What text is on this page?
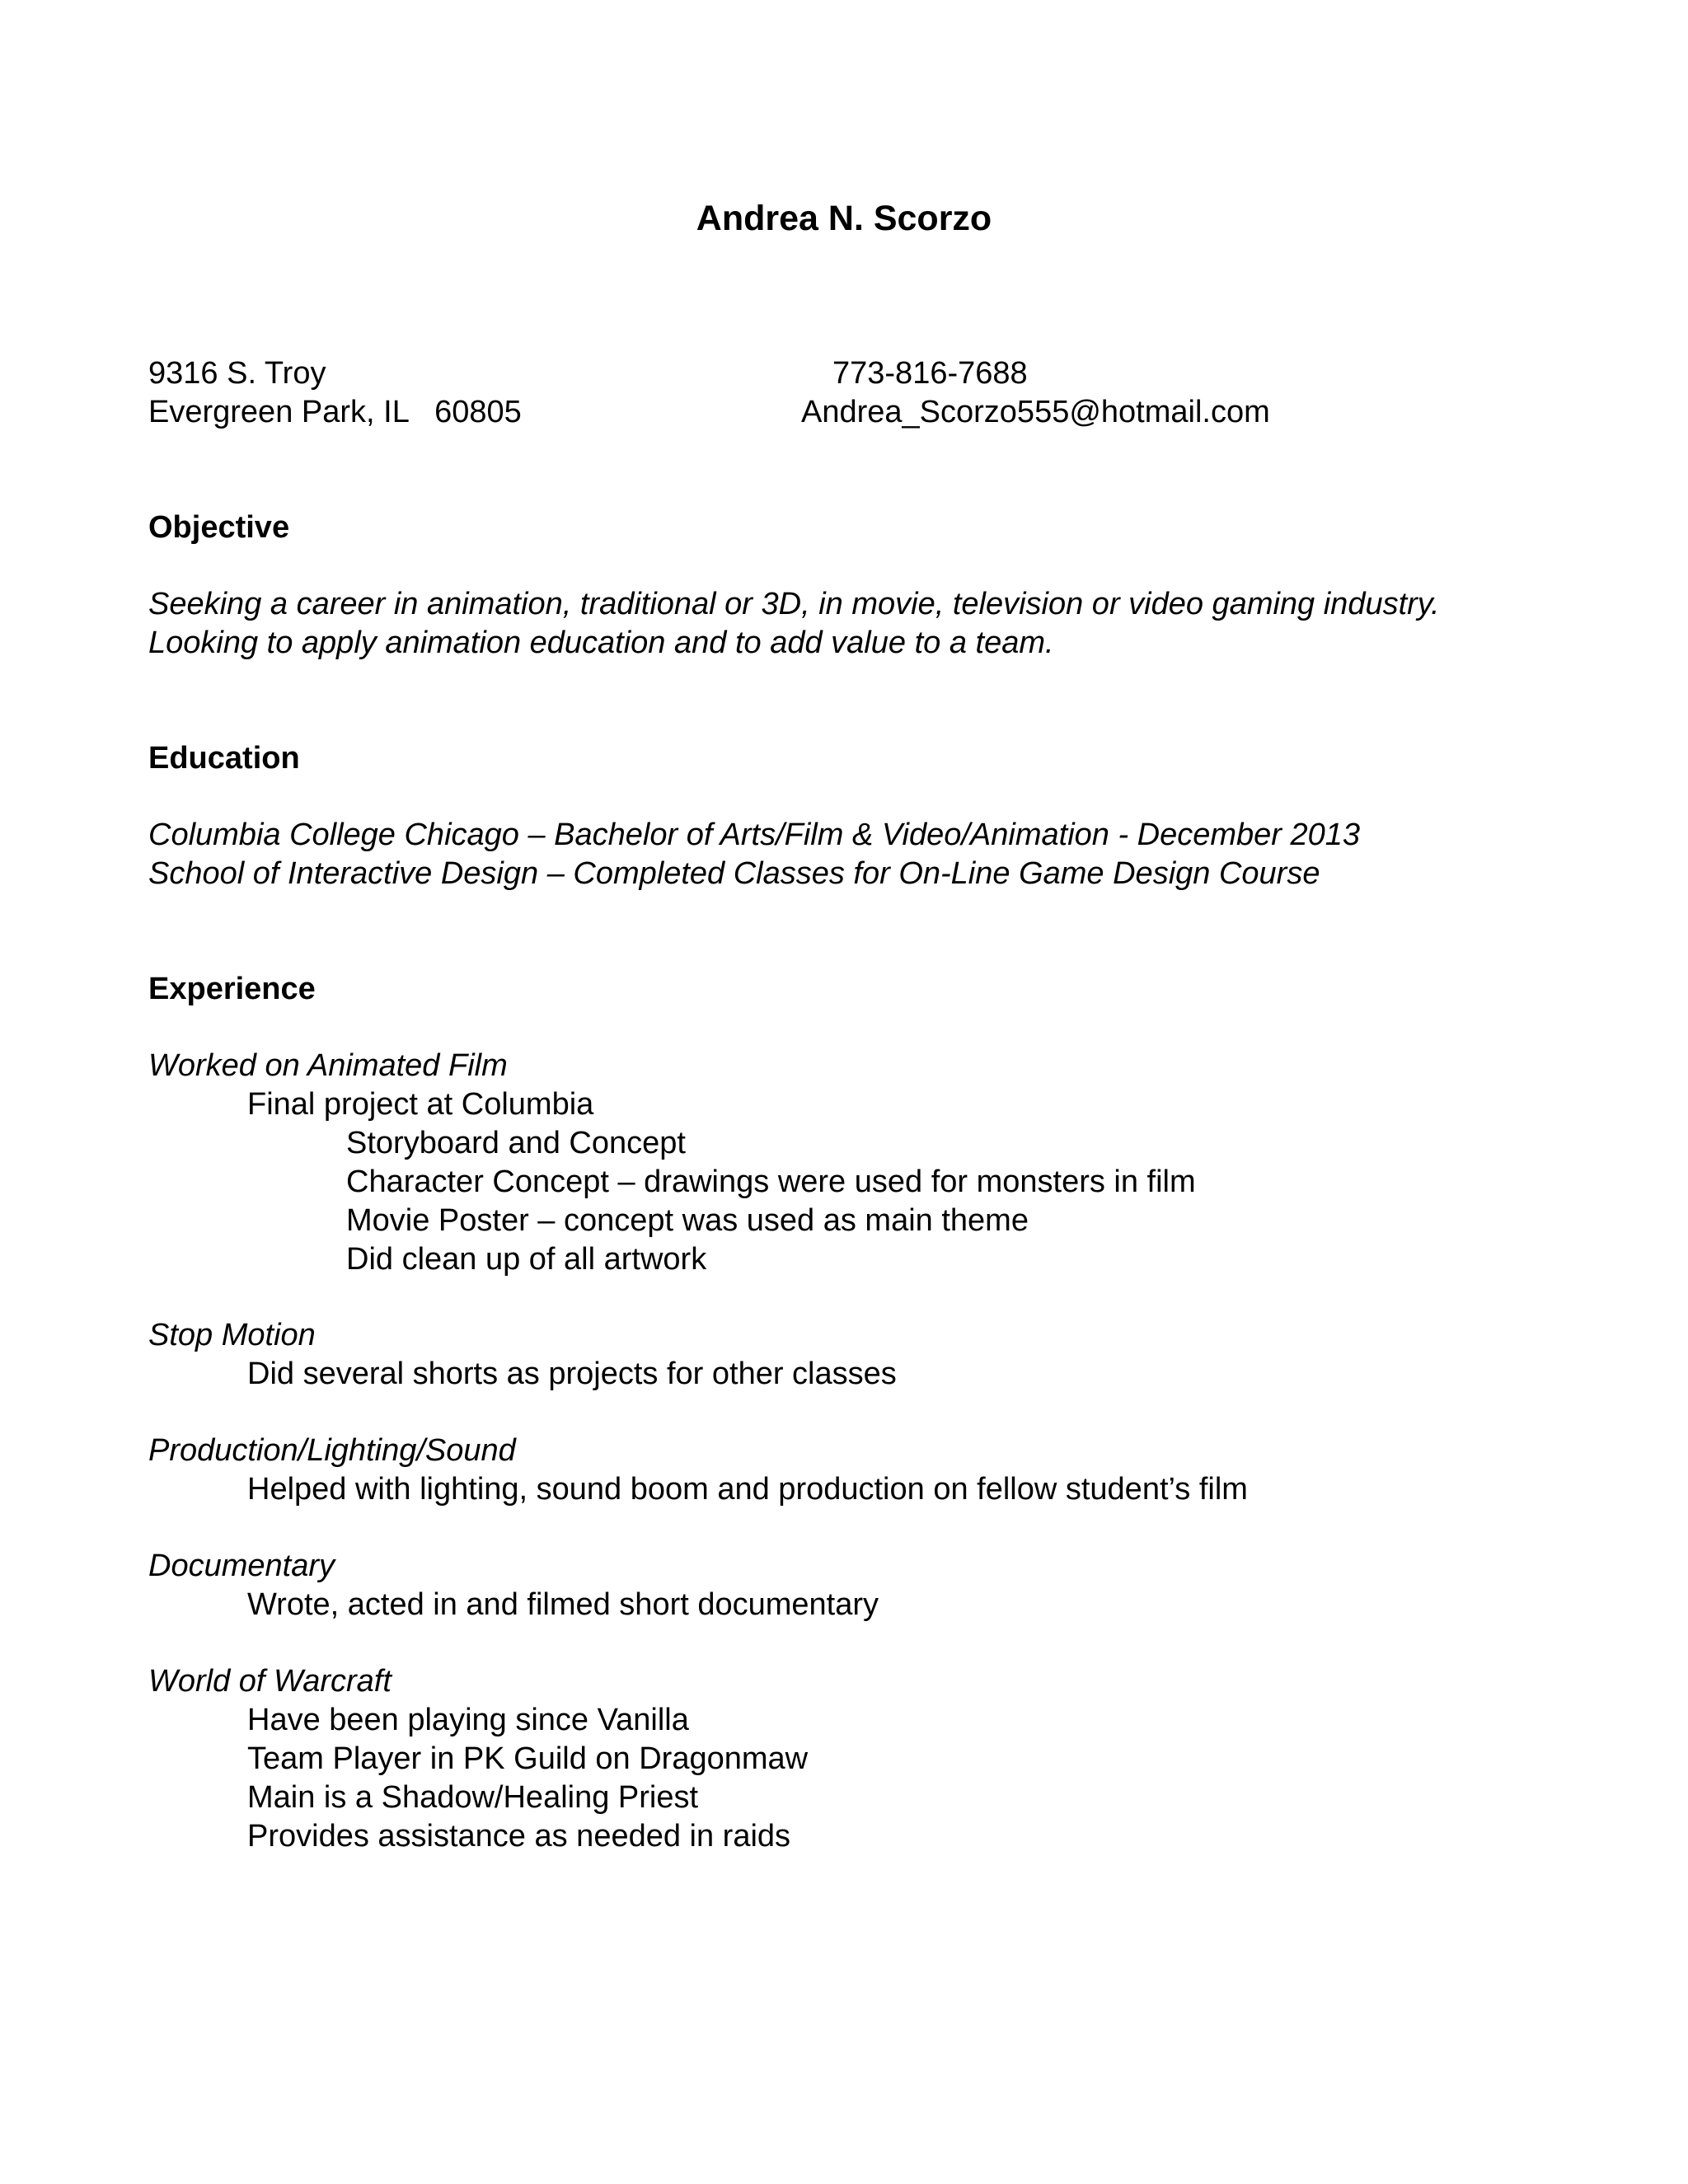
Andrea N. Scorzo
9316 S. Troy
Evergreen Park, IL   60805
773-816-7688
Andrea_Scorzo555@hotmail.com
Objective
Seeking a career in animation, traditional or 3D, in movie, television or video gaming industry.
Looking to apply animation education and to add value to a team.
Education
Columbia College Chicago – Bachelor of Arts/Film & Video/Animation - December 2013
School of Interactive Design – Completed Classes for On-Line Game Design Course
Experience
Worked on Animated Film
Final project at Columbia
Storyboard and Concept
Character Concept – drawings were used for monsters in film
Movie Poster – concept was used as main theme
Did clean up of all artwork
Stop Motion
Did several shorts as projects for other classes
Production/Lighting/Sound
Helped with lighting, sound boom and production on fellow student’s film
Documentary
Wrote, acted in and filmed short documentary
World of Warcraft
Have been playing since Vanilla
Team Player in PK Guild on Dragonmaw
Main is a Shadow/Healing Priest
Provides assistance as needed in raids
